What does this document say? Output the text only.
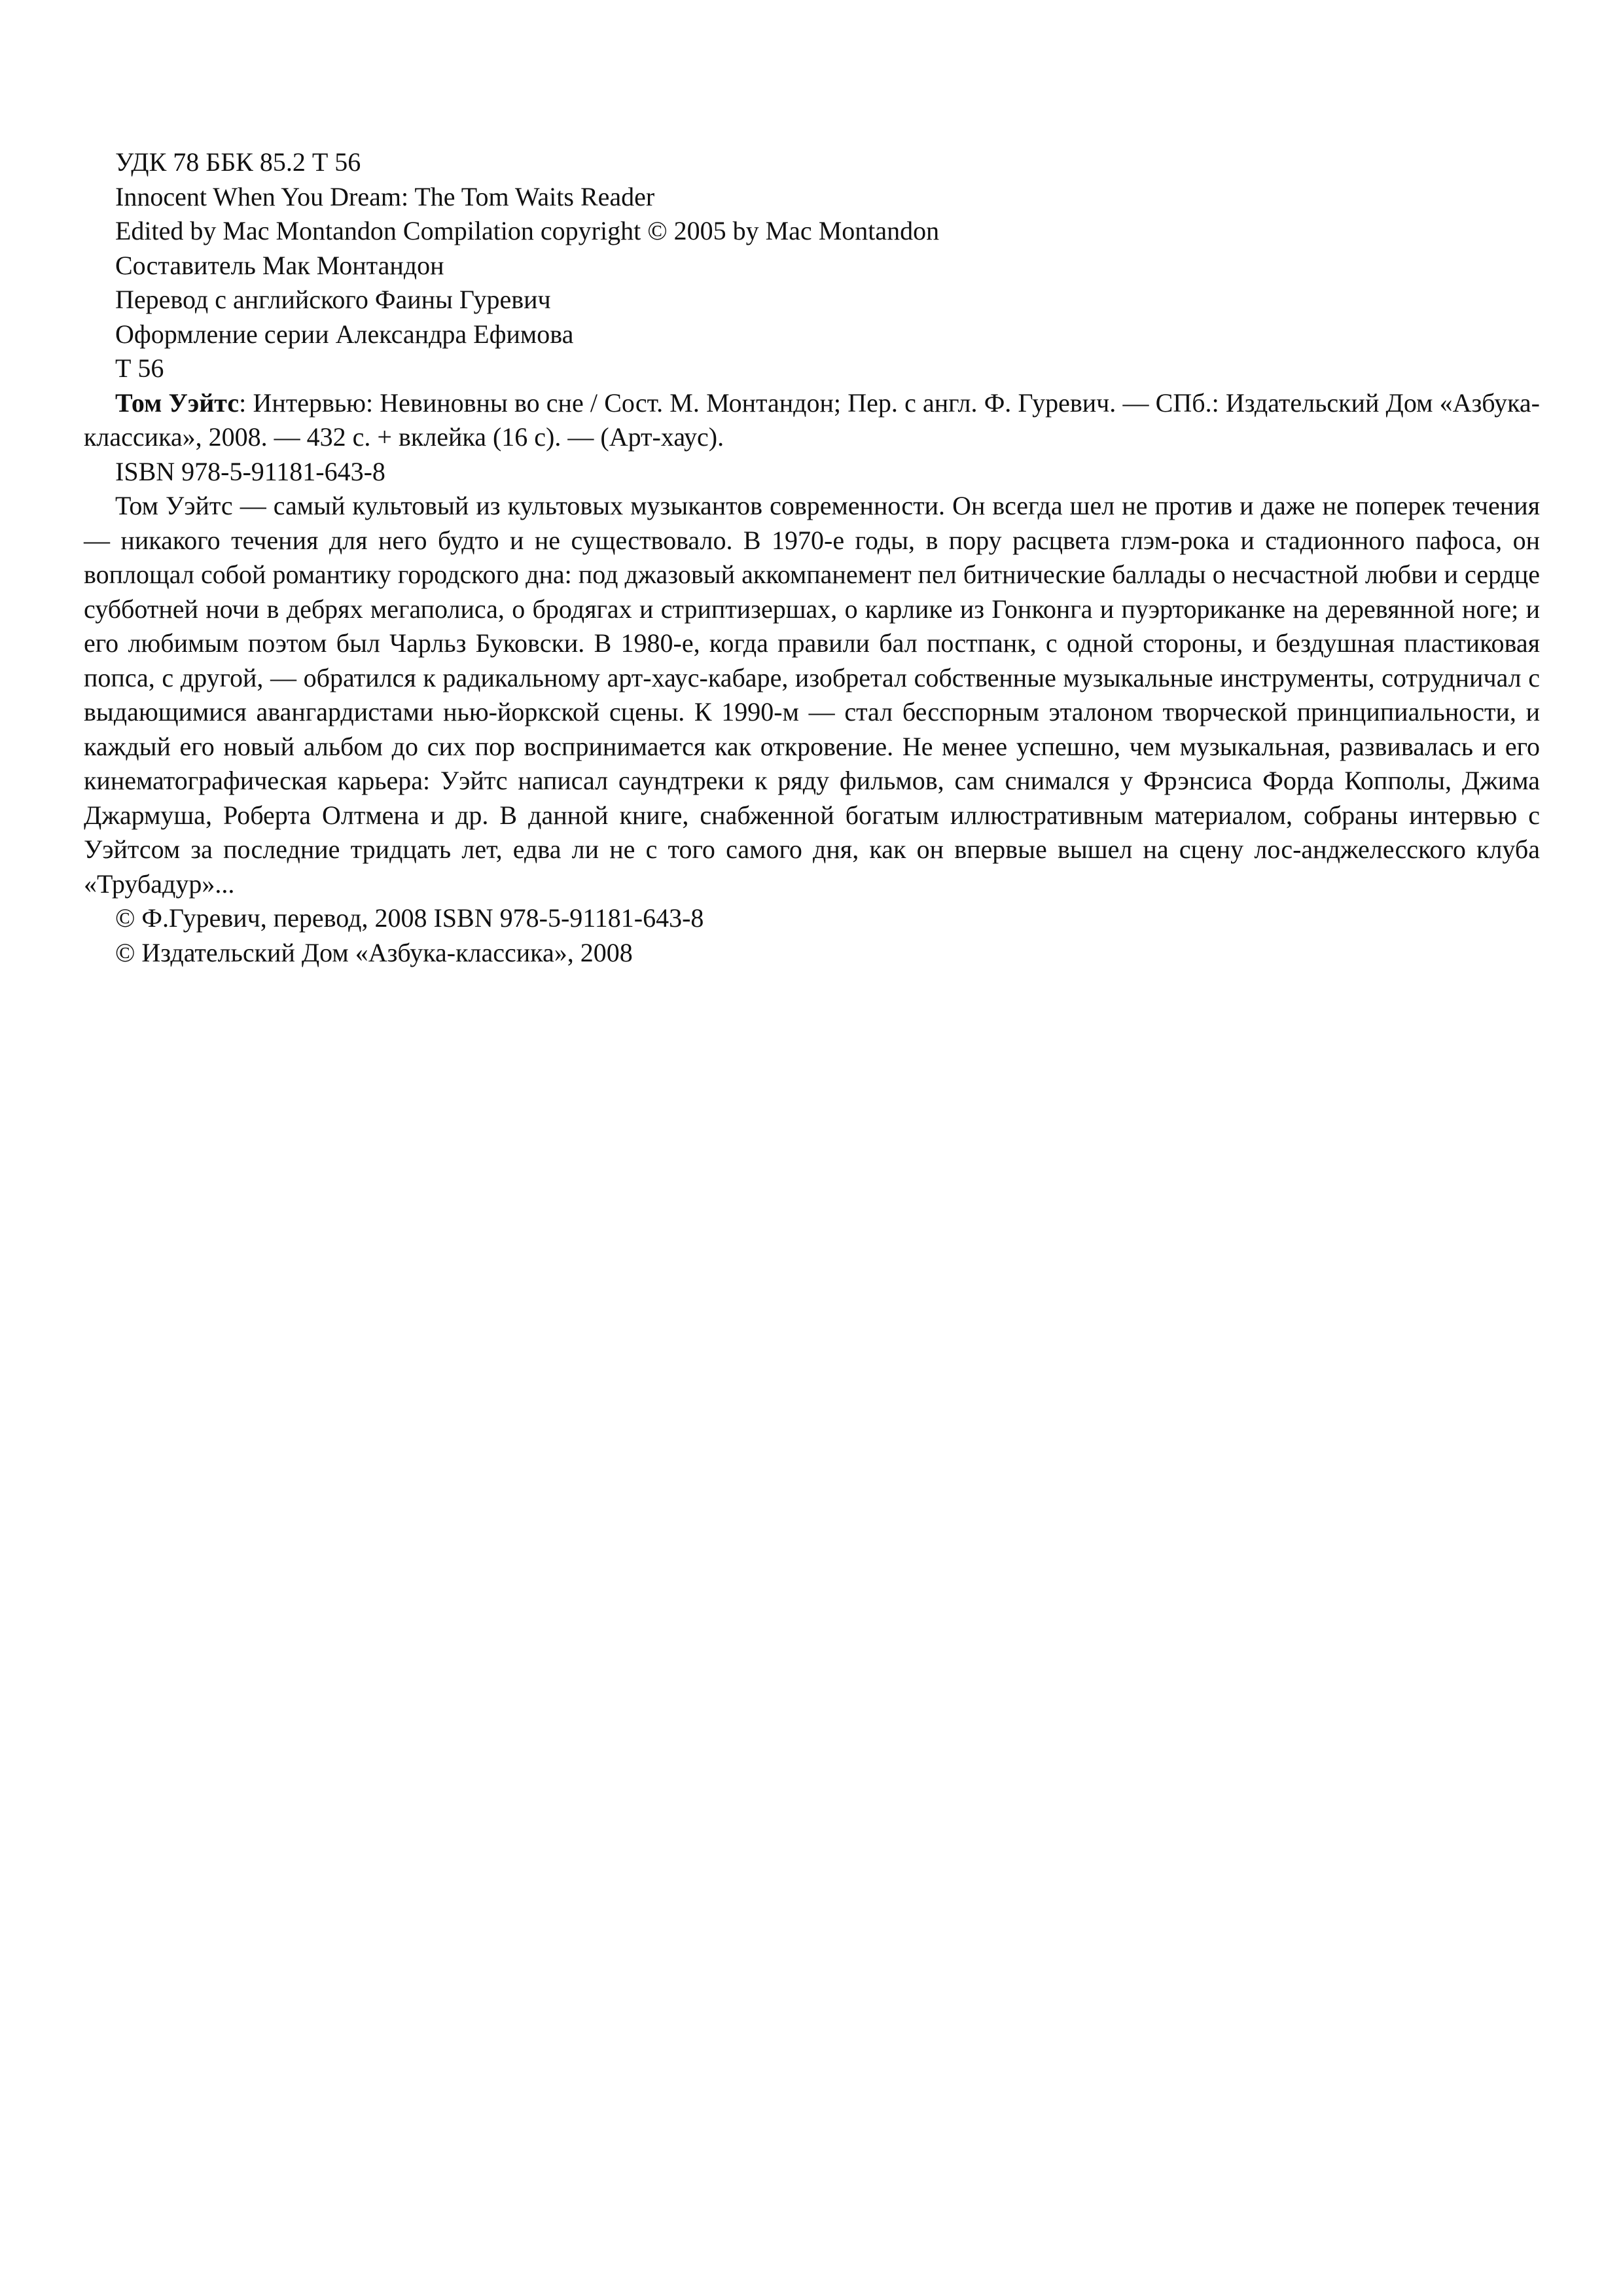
УДК 78 ББК 85.2 Т 56

Innocent When You Dream: The Tom Waits Reader

Edited by Mac Montandon Compilation copyright © 2005 by Mac Montandon

Составитель Мак Монтандон

Перевод с английского Фаины Гуревич

Оформление серии Александра Ефимова

Т 56

Том Уэйтс: Интервью: Невиновны во сне / Сост. М. Монтандон; Пер. с англ. Ф. Гуревич. — СПб.: Издательский Дом «Азбука-классика», 2008. — 432 с. + вклейка (16 с). — (Арт-хаус).

ISBN 978-5-91181-643-8

Том Уэйтс — самый культовый из культовых музыкантов современности. Он всегда шел не против и даже не поперек течения — никакого течения для него будто и не существовало. В 1970-е годы, в пору расцвета глэм-рока и стадионного пафоса, он воплощал собой романтику городского дна: под джазовый аккомпанемент пел битнические баллады о несчастной любви и сердце субботней ночи в дебрях мегаполиса, о бродягах и стриптизершах, о карлике из Гонконга и пуэрториканке на деревянной ноге; и его любимым поэтом был Чарльз Буковски. В 1980-е, когда правили бал постпанк, с одной стороны, и бездушная пластиковая попса, с другой, — обратился к радикальному арт-хаус-кабаре, изобретал собственные музыкальные инструменты, сотрудничал с выдающимися авангардистами нью-йоркской сцены. К 1990-м — стал бесспорным эталоном творческой принципиальности, и каждый его новый альбом до сих пор воспринимается как откровение. Не менее успешно, чем музыкальная, развивалась и его кинематографическая карьера: Уэйтс написал саундтреки к ряду фильмов, сам снимался у Фрэнсиса Форда Копполы, Джима Джармуша, Роберта Олтмена и др. В данной книге, снабженной богатым иллюстративным материалом, собраны интервью с Уэйтсом за последние тридцать лет, едва ли не с того самого дня, как он впервые вышел на сцену лос-анджелесского клуба «Трубадур»...

© Ф.Гуревич, перевод, 2008 ISBN 978-5-91181-643-8

© Издательский Дом «Азбука-классика», 2008
